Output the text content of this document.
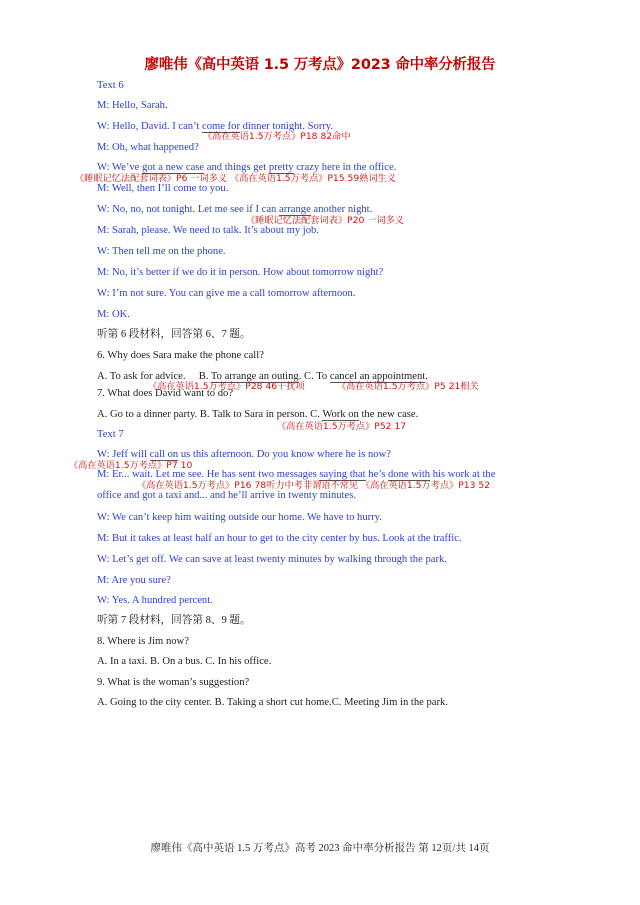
廖唯伟《高中英语 1.5 万考点》2023 命中率分析报告
Text 6
M: Hello, Sarah.
W: Hello, David. I can’t come for dinner tonight. Sorry.
《高在英语1.5万考点》P18 82命中
M: Oh, what happened?
W: We’ve got a new case and things get pretty crazy here in the office.
《睡眠记忆法配套词表》P6 一词多义 《高在英语1.5万考点》P15 59熟词生义
M: Well, then I’ll come to you.
W: No, no, not tonight. Let me see if I can arrange another night.
《睡眠记忆法配套词表》P20 一词多义
M: Sarah, please. We need to talk. It’s about my job.
W: Then tell me on the phone.
M: No, it’s better if we do it in person. How about tomorrow night?
W: I’m not sure. You can give me a call tomorrow afternoon.
M: OK.
听第 6 段材料，回答第 6、7 题。
6. Why does Sara make the phone call?
A. To ask for advice. B. To arrange an outing. C. To cancel an appointment.
《高在英语1.5万考点》P28 46干扰项	《高在英语1.5万考点》P5 21相关
7. What does David want to do?
A. Go to a dinner party. B. Talk to Sara in person. C. Work on the new case.
《高在英语1.5万考点》P52 17
Text 7
W: Jeff will call on us this afternoon. Do you know where he is now?
《高在英语1.5万考点》P7 10
M: Er... wait. Let me see. He has sent two messages saying that he’s done with his work at the
《高在英语1.5万考点》P16 78听力中考非谓语不常见 《高在英语1.5万考点》P13 52
office and got a taxi and... and he’ll arrive in twenty minutes.
W: We can’t keep him waiting outside our home. We have to hurry.
M: But it takes at least half an hour to get to the city center by bus. Look at the traffic.
W: Let’s get off. We can save at least twenty minutes by walking through the park.
M: Are you sure?
W: Yes. A hundred percent.
听第 7 段材料，回答第 8、9 题。
8. Where is Jim now?
A. In a taxi. B. On a bus. C. In his office.
9. What is the woman’s suggestion?
A. Going to the city center. B. Taking a short cut home.C. Meeting Jim in the park.
廖唯伟《高中英语 1.5 万考点》高考 2023 命中率分析报告 第 12页/共 14页
